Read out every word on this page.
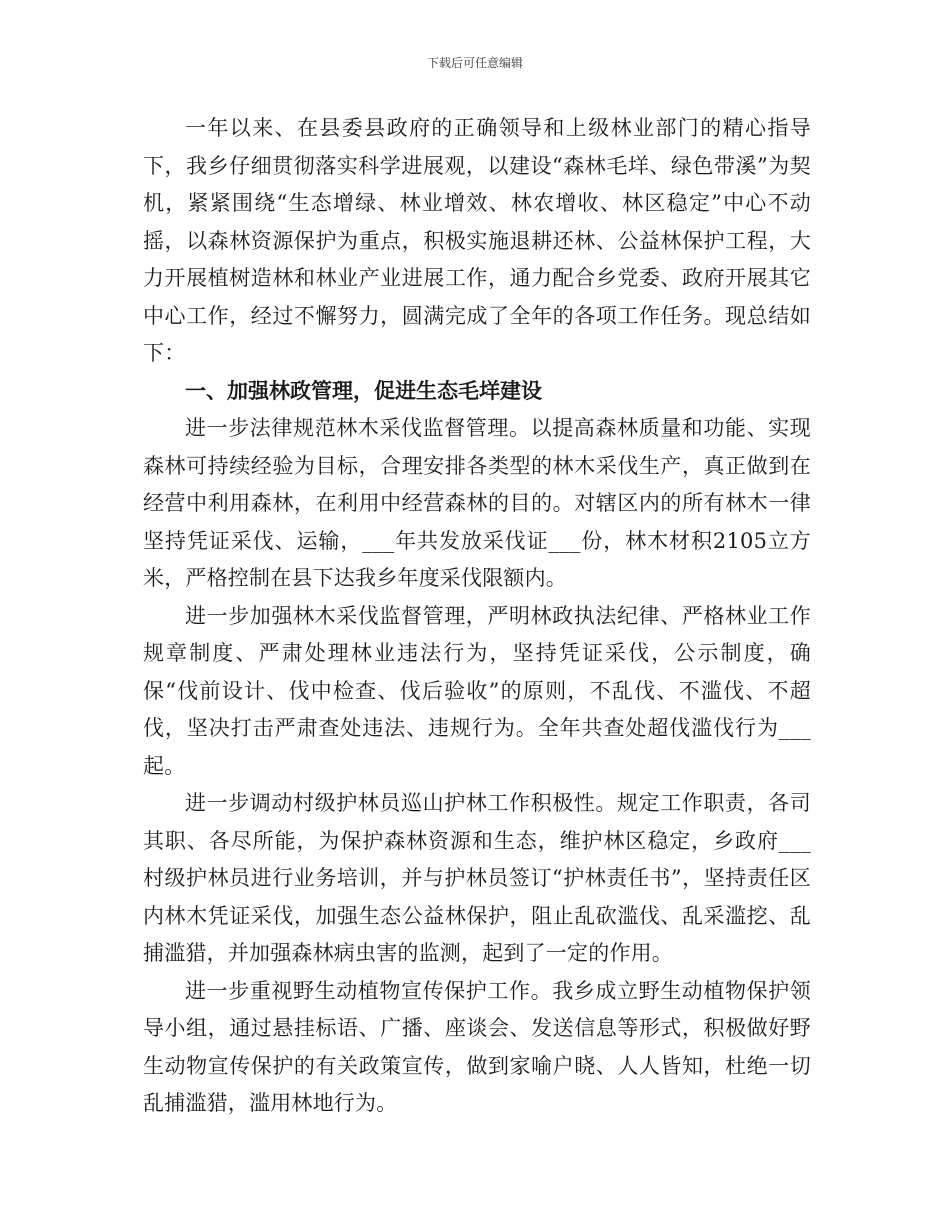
下载后可任意编辑

一年以来、在县委县政府的正确领导和上级林业部门的精心指导下，我乡仔细贯彻落实科学进展观，以建设“森林毛垟、绿色带溪”为契机，紧紧围绕“生态增绿、林业增效、林农增收、林区稳定”中心不动摇，以森林资源保护为重点，积极实施退耕还林、公益林保护工程，大力开展植树造林和林业产业进展工作，通力配合乡党委、政府开展其它中心工作，经过不懈努力，圆满完成了全年的各项工作任务。现总结如下：

一、加强林政管理，促进生态毛垟建设

进一步法律规范林木采伐监督管理。以提高森林质量和功能、实现森林可持续经验为目标，合理安排各类型的林木采伐生产，真正做到在经营中利用森林，在利用中经营森林的目的。对辖区内的所有林木一律坚持凭证采伐、运输，___年共发放采伐证___份，林木材积2105立方米，严格控制在县下达我乡年度采伐限额内。

进一步加强林木采伐监督管理，严明林政执法纪律、严格林业工作规章制度、严肃处理林业违法行为，坚持凭证采伐，公示制度，确保“伐前设计、伐中检查、伐后验收”的原则，不乱伐、不滥伐、不超伐，坚决打击严肃查处违法、违规行为。全年共查处超伐滥伐行为___起。

进一步调动村级护林员巡山护林工作积极性。规定工作职责，各司其职、各尽所能，为保护森林资源和生态，维护林区稳定，乡政府___村级护林员进行业务培训，并与护林员签订“护林责任书”，坚持责任区内林木凭证采伐，加强生态公益林保护，阻止乱砍滥伐、乱采滥挖、乱捕滥猎，并加强森林病虫害的监测，起到了一定的作用。

进一步重视野生动植物宣传保护工作。我乡成立野生动植物保护领导小组，通过悬挂标语、广播、座谈会、发送信息等形式，积极做好野生动物宣传保护的有关政策宣传，做到家喻户晓、人人皆知，杜绝一切乱捕滥猎，滥用林地行为。
